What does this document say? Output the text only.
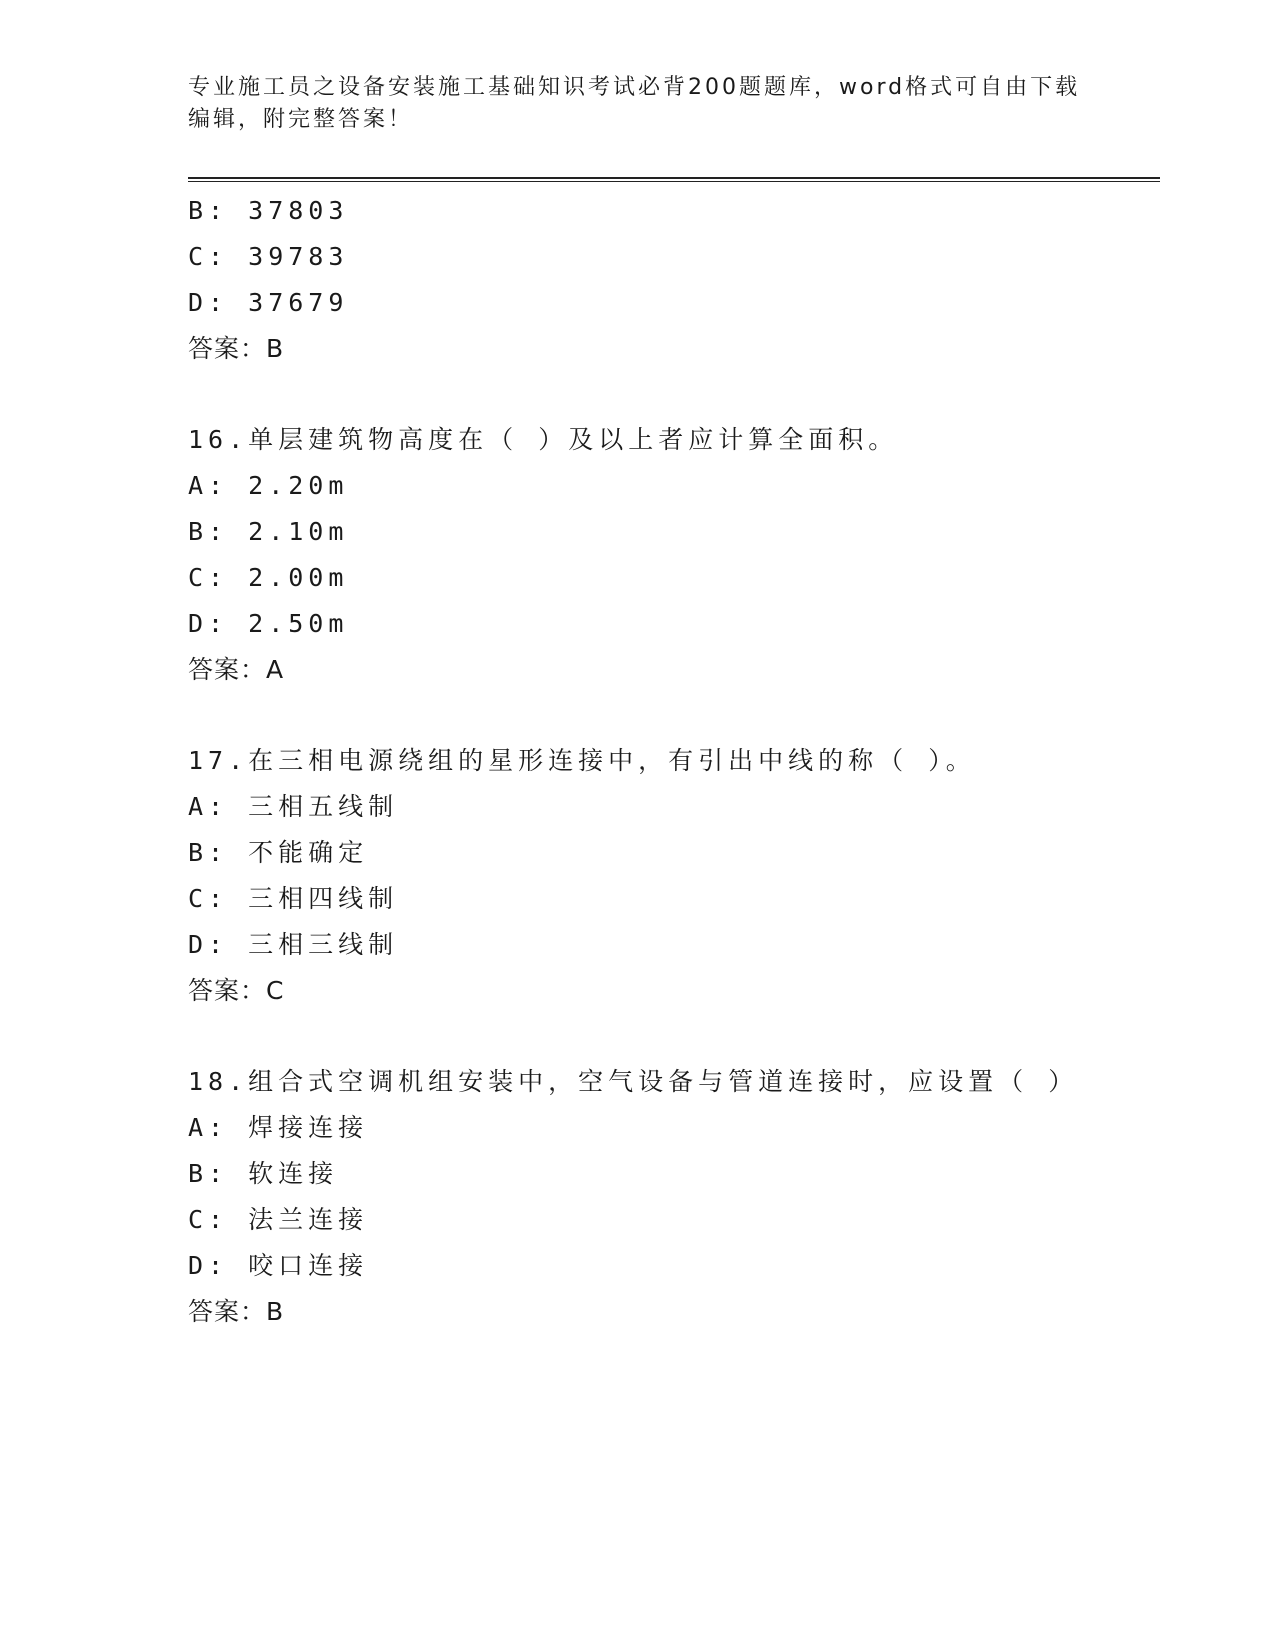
专业施工员之设备安装施工基础知识考试必背200题题库，word格式可自由下载
编辑，附完整答案！
B: 37803
C: 39783
D: 37679
答案：B
16.单层建筑物高度在（ ）及以上者应计算全面积。
A: 2.20m
B: 2.10m
C: 2.00m
D: 2.50m
答案：A
17.在三相电源绕组的星形连接中，有引出中线的称（ ）。
A: 三相五线制
B: 不能确定
C: 三相四线制
D: 三相三线制
答案：C
18.组合式空调机组安装中，空气设备与管道连接时，应设置（ ）
A: 焊接连接
B: 软连接
C: 法兰连接
D: 咬口连接
答案：B
